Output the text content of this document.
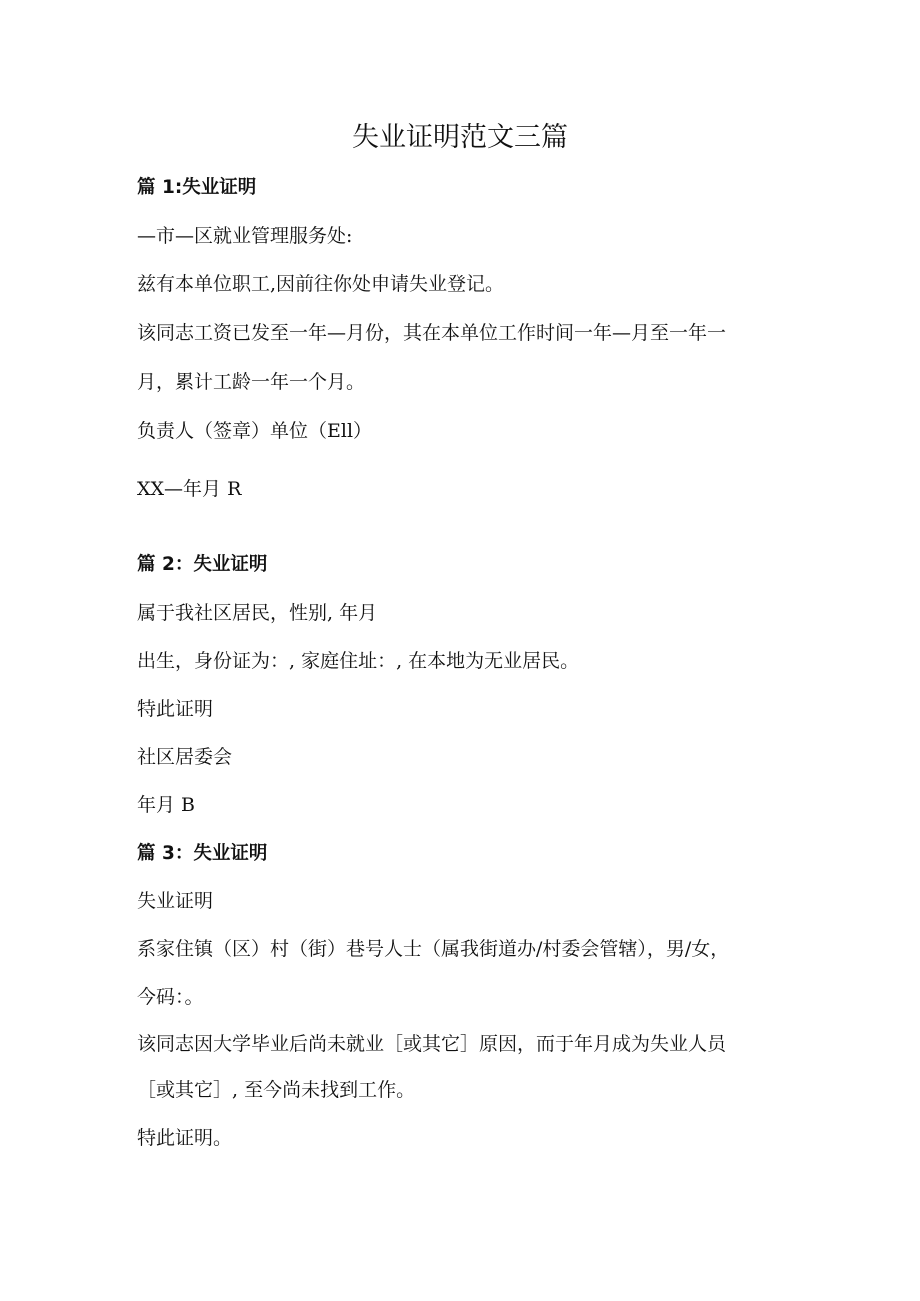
失业证明范文三篇
篇 1:失业证明
—市—区就业管理服务处:
兹有本单位职工,因前往你处申请失业登记。
该同志工资已发至一年—月份，其在本单位工作时间一年—月至一年一
月，累计工龄一年一个月。
负责人（签章）单位（Ell）
XX—年月 R
篇 2：失业证明
属于我社区居民，性别, 年月
出生，身份证为：, 家庭住址：, 在本地为无业居民。
特此证明
社区居委会
年月 B
篇 3：失业证明
失业证明
系家住镇（区）村（街）巷号人士（属我街道办/村委会管辖），男/女，
今码：。
该同志因大学毕业后尚未就业［或其它］原因，而于年月成为失业人员
［或其它］, 至今尚未找到工作。
特此证明。
